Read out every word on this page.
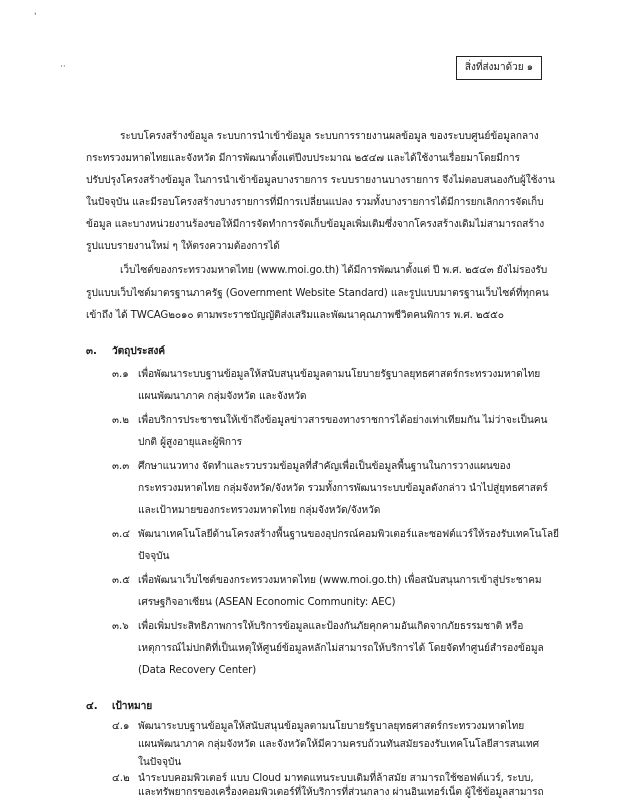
'
··	สิ่งที่ส่งมาด้วย ๑
ระบบโครงสร้างข้อมูล ระบบการนำเข้าข้อมูล ระบบการรายงานผลข้อมูล ของระบบศูนย์ข้อมูลกลาง
กระทรวงมหาดไทยและจังหวัด มีการพัฒนาตั้งแต่ปีงบประมาณ ๒๕๔๗ และได้ใช้งานเรื่อยมาโดยมีการ
ปรับปรุงโครงสร้างข้อมูล ในการนำเข้าข้อมูลบางรายการ ระบบรายงานบางรายการ จึงไม่ตอบสนองกับผู้ใช้งาน
ในปัจจุบัน และมีรอบโครงสร้างบางรายการที่มีการเปลี่ยนแปลง รวมทั้งบางรายการได้มีการยกเลิกการจัดเก็บ
ข้อมูล และบางหน่วยงานร้องขอให้มีการจัดทำการจัดเก็บข้อมูลเพิ่มเติมซึ่งจากโครงสร้างเดิมไม่สามารถสร้าง
รูปแบบรายงานใหม่ ๆ ให้ตรงความต้องการได้
เว็บไซต์ของกระทรวงมหาดไทย (www.moi.go.th) ได้มีการพัฒนาตั้งแต่ ปี พ.ศ. ๒๕๔๓ ยังไม่รองรับ
รูปแบบเว็บไซต์มาตรฐานภาครัฐ (Government Website Standard) และรูปแบบมาตรฐานเว็บไซต์ที่ทุกคน
เข้าถึง ได้ TWCAG๒๐๑๐ ตามพระราชบัญญัติส่งเสริมและพัฒนาคุณภาพชีวิตคนพิการ พ.ศ. ๒๕๕๐
๓. วัตถุประสงค์
๓.๑ เพื่อพัฒนาระบบฐานข้อมูลให้สนับสนุนข้อมูลตามนโยบายรัฐบาลยุทธศาสตร์กระทรวงมหาดไทย
แผนพัฒนาภาค กลุ่มจังหวัด และจังหวัด
๓.๒ เพื่อบริการประชาชนให้เข้าถึงข้อมูลข่าวสารของทางราชการได้อย่างเท่าเทียมกัน ไม่ว่าจะเป็นคน
ปกติ ผู้สูงอายุและผู้พิการ
๓.๓ ศึกษาแนวทาง จัดทำและรวบรวมข้อมูลที่สำคัญเพื่อเป็นข้อมูลพื้นฐานในการวางแผนของ
กระทรวงมหาดไทย กลุ่มจังหวัด/จังหวัด รวมทั้งการพัฒนาระบบข้อมูลดังกล่าว นำไปสู่ยุทธศาสตร์
และเป้าหมายของกระทรวงมหาดไทย กลุ่มจังหวัด/จังหวัด
๓.๔ พัฒนาเทคโนโลยีด้านโครงสร้างพื้นฐานของอุปกรณ์คอมพิวเตอร์และซอฟต์แวร์ให้รองรับเทคโนโลยี
ปัจจุบัน
๓.๕ เพื่อพัฒนาเว็บไซต์ของกระทรวงมหาดไทย (www.moi.go.th) เพื่อสนับสนุนการเข้าสู่ประชาคม
เศรษฐกิจอาเซียน (ASEAN Economic Community: AEC)
๓.๖ เพื่อเพิ่มประสิทธิภาพการให้บริการข้อมูลและป้องกันภัยคุกคามอันเกิดจากภัยธรรมชาติ หรือ
เหตุการณ์ไม่ปกติที่เป็นเหตุให้ศูนย์ข้อมูลหลักไม่สามารถให้บริการได้ โดยจัดทำศูนย์สำรองข้อมูล
(Data Recovery Center)
๔. เป้าหมาย
๔.๑ พัฒนาระบบฐานข้อมูลให้สนับสนุนข้อมูลตามนโยบายรัฐบาลยุทธศาสตร์กระทรวงมหาดไทย
แผนพัฒนาภาค กลุ่มจังหวัด และจังหวัดให้มีความครบถ้วนทันสมัยรองรับเทคโนโลยีสารสนเทศ
ในปัจจุบัน
๔.๒ นำระบบคอมพิวเตอร์ แบบ Cloud มาทดแทนระบบเดิมที่ล้าสมัย สามารถใช้ซอฟต์แวร์, ระบบ,
และทรัพยากรของเครื่องคอมพิวเตอร์ที่ให้บริการที่ส่วนกลาง ผ่านอินเทอร์เน็ต ผู้ใช้ข้อมูลสามารถ
